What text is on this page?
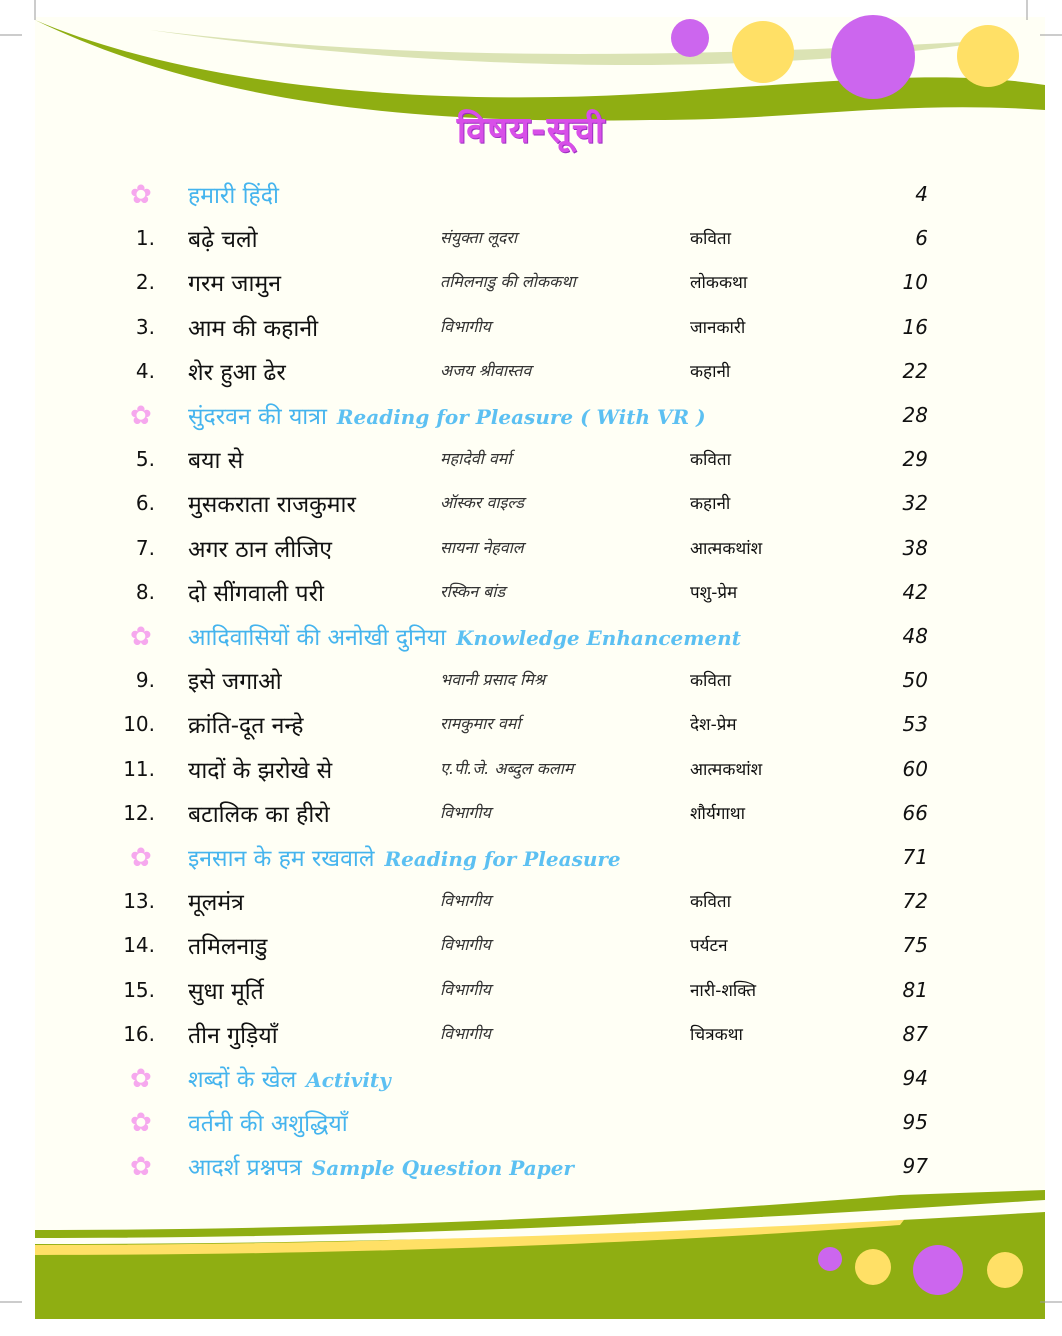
विषय-सूची
✿ हमारी हिंदी	4
1. बढ़े चलो	संयुक्ता लूदरा	कविता	6
2. गरम जामुन	तमिलनाडु की लोककथा	लोककथा	10
3. आम की कहानी	विभागीय	जानकारी	16
4. शेर हुआ ढेर	अजय श्रीवास्तव	कहानी	22
✿ सुंदरवन की यात्रा Reading for Pleasure ( With VR )	28
5. बया से	महादेवी वर्मा	कविता	29
6. मुसकराता राजकुमार	ऑस्कर वाइल्ड	कहानी	32
7. अगर ठान लीजिए	सायना नेहवाल	आत्मकथांश	38
8. दो सींगवाली परी	रस्किन बांड	पशु-प्रेम	42
✿ आदिवासियों की अनोखी दुनिया Knowledge Enhancement	48
9. इसे जगाओ	भवानी प्रसाद मिश्र	कविता	50
10. क्रांति-दूत नन्हे	रामकुमार वर्मा	देश-प्रेम	53
11. यादों के झरोखे से	ए.पी.जे. अब्दुल कलाम	आत्मकथांश	60
12. बटालिक का हीरो	विभागीय	शौर्यगाथा	66
✿ इनसान के हम रखवाले Reading for Pleasure	71
13. मूलमंत्र	विभागीय	कविता	72
14. तमिलनाडु	विभागीय	पर्यटन	75
15. सुधा मूर्ति	विभागीय	नारी-शक्ति	81
16. तीन गुड़ियाँ	विभागीय	चित्रकथा	87
✿ शब्दों के खेल Activity	94
✿ वर्तनी की अशुद्धियाँ	95
✿ आदर्श प्रश्नपत्र Sample Question Paper	97
